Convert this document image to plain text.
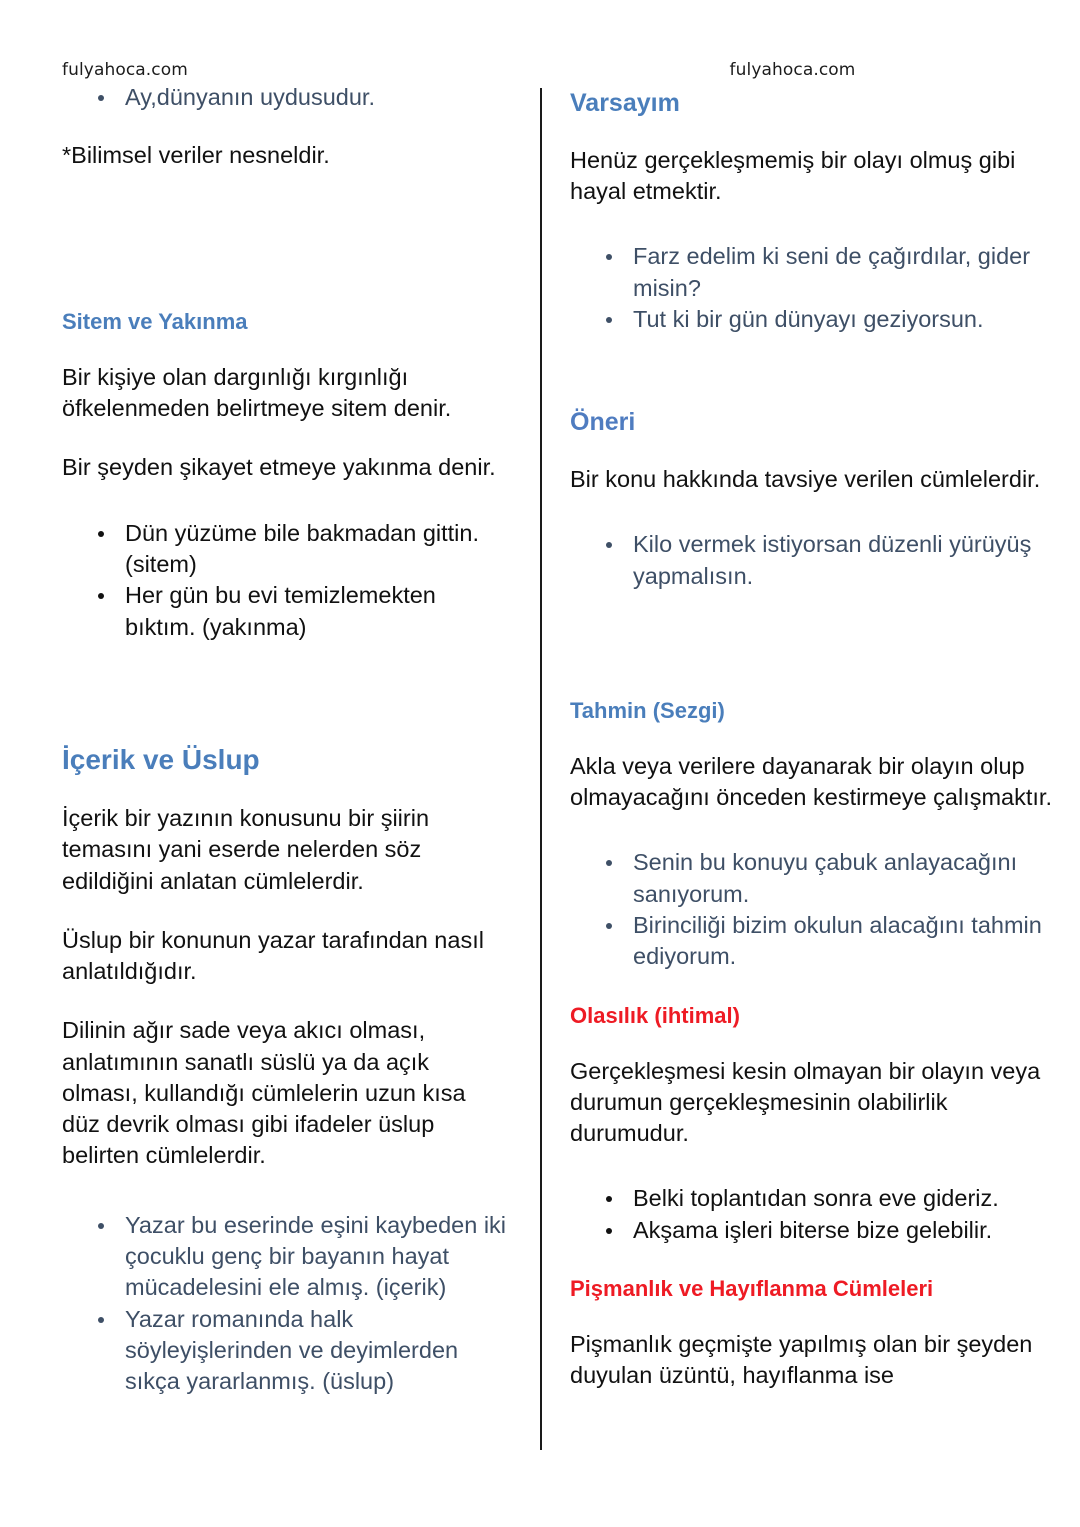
fulyahoca.com
Ay,dünyanın uydusudur.

*Bilimsel veriler nesneldir.

Sitem ve Yakınma

Bir kişiye olan dargınlığı kırgınlığı öfkelenmeden belirtmeye sitem denir.

Bir şeyden şikayet etmeye yakınma denir.

Dün yüzüme bile bakmadan gittin. (sitem)
Her gün bu evi temizlemekten bıktım. (yakınma)
İçerik ve Üslup

İçerik bir yazının konusunu bir şiirin temasını yani eserde nelerden söz edildiğini anlatan cümlelerdir.

Üslup bir konunun yazar tarafından nasıl anlatıldığıdır.

Dilinin ağır sade veya akıcı olması, anlatımının sanatlı süslü ya da açık olması, kullandığı cümlelerin uzun kısa düz devrik olması gibi ifadeler üslup belirten cümlelerdir.

Yazar bu eserinde eşini kaybeden iki çocuklu genç bir bayanın hayat mücadelesini ele almış. (içerik)
Yazar romanında halk söyleyişlerinden ve deyimlerden sıkça yararlanmış. (üslup)
fulyahoca.com
Varsayım

Henüz gerçekleşmemiş bir olayı olmuş gibi hayal etmektir.

Farz edelim ki seni de çağırdılar, gider misin?
Tut ki bir gün dünyayı geziyorsun.
Öneri

Bir konu hakkında tavsiye verilen cümlelerdir.

Kilo vermek istiyorsan düzenli yürüyüş yapmalısın.
Tahmin (Sezgi)

Akla veya verilere dayanarak bir olayın olup olmayacağını önceden kestirmeye çalışmaktır.

Senin bu konuyu çabuk anlayacağını sanıyorum.
Birinciliği bizim okulun alacağını tahmin ediyorum.
Olasılık (ihtimal)

Gerçekleşmesi kesin olmayan bir olayın veya durumun gerçekleşmesinin olabilirlik durumudur.

Belki toplantıdan sonra eve gideriz.
Akşama işleri biterse bize gelebilir.
Pişmanlık ve Hayıflanma Cümleleri

Pişmanlık geçmişte yapılmış olan bir şeyden duyulan üzüntü, hayıflanma ise
